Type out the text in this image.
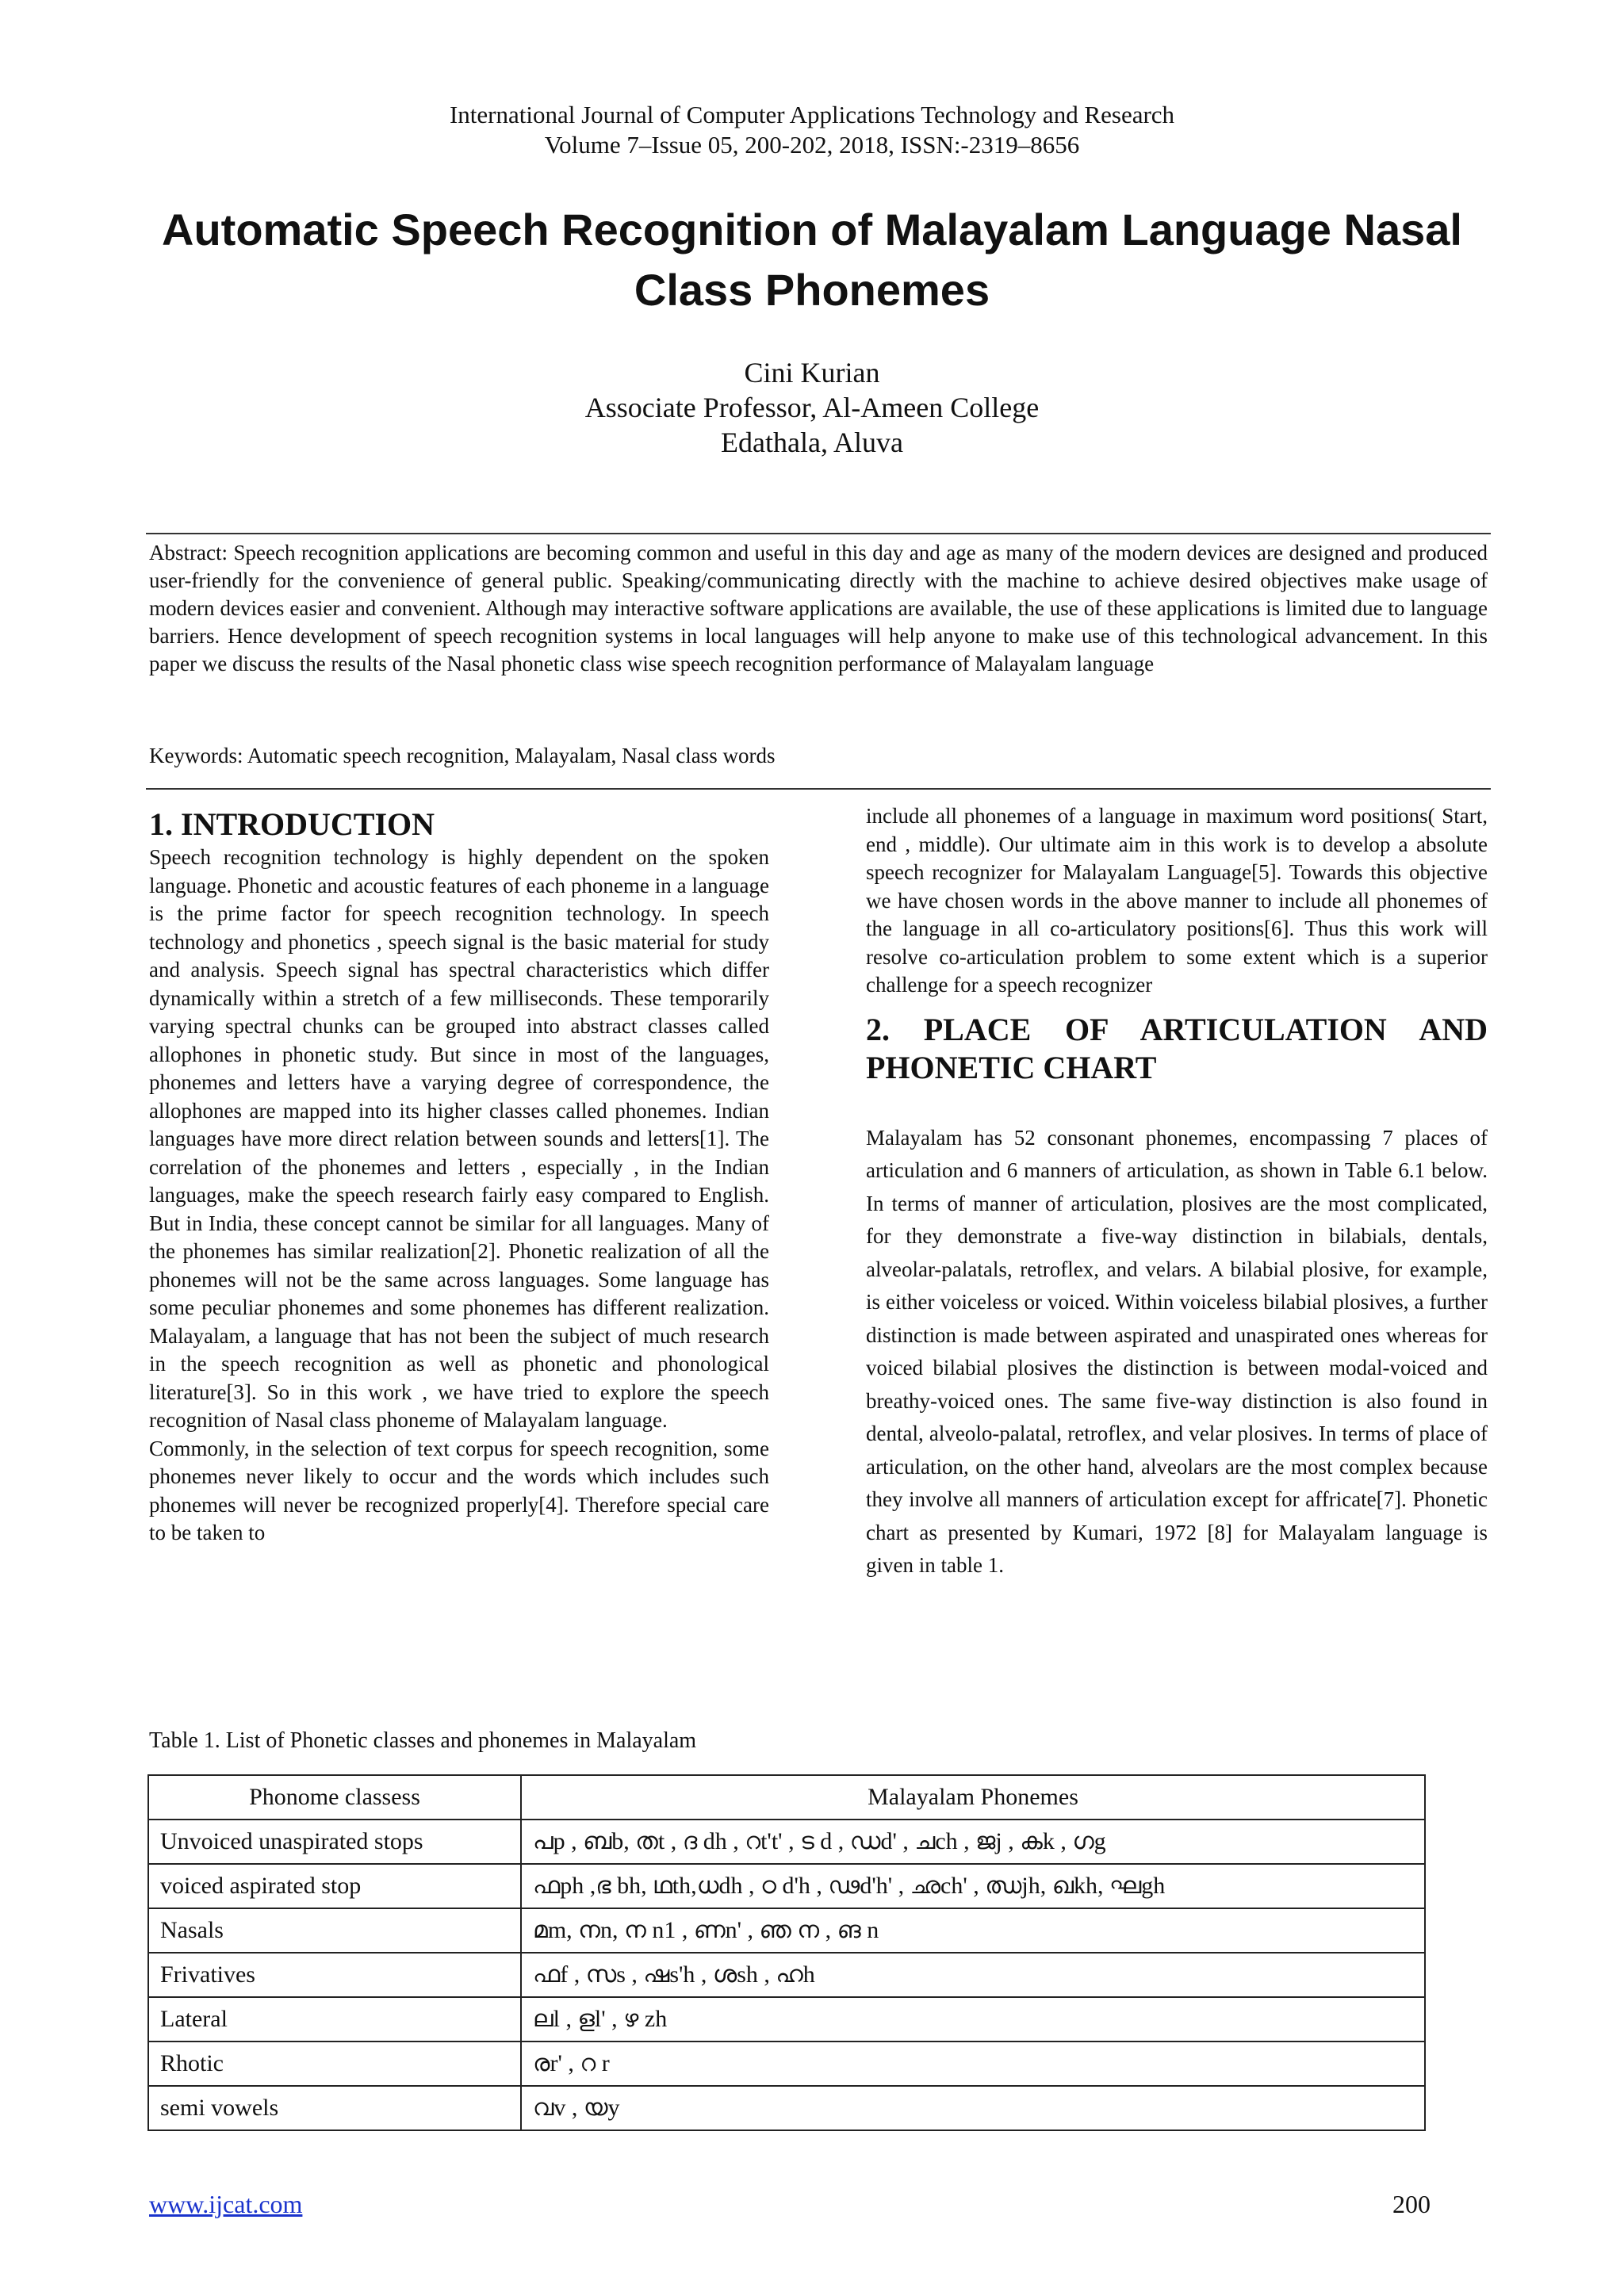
International Journal of Computer Applications Technology and Research
Volume 7–Issue 05, 200-202, 2018, ISSN:-2319–8656
Automatic Speech Recognition of Malayalam Language Nasal Class Phonemes
Cini Kurian
Associate Professor, Al-Ameen College
Edathala, Aluva
Abstract: Speech recognition applications are becoming common and useful in this day and age as many of the modern devices are designed and produced user-friendly for the convenience of general public. Speaking/communicating directly with the machine to achieve desired objectives make usage of modern devices easier and convenient. Although may interactive software applications are available, the use of these applications is limited due to language barriers. Hence development of speech recognition systems in local languages will help anyone to make use of this technological advancement. In this paper we discuss the results of the Nasal phonetic class wise speech recognition performance of Malayalam language
Keywords: Automatic speech recognition, Malayalam, Nasal class words

1. INTRODUCTION

Speech recognition technology is highly dependent on the spoken language. Phonetic and acoustic features of each phoneme in a language is the prime factor for speech recognition technology. In speech technology and phonetics , speech signal is the basic material for study and analysis. Speech signal has spectral characteristics which differ dynamically within a stretch of a few milliseconds. These temporarily varying spectral chunks can be grouped into abstract classes called allophones in phonetic study. But since in most of the languages, phonemes and letters have a varying degree of correspondence, the allophones are mapped into its higher classes called phonemes. Indian languages have more direct relation between sounds and letters[1]. The correlation of the phonemes and letters , especially , in the Indian languages, make the speech research fairly easy compared to English. But in India, these concept cannot be similar for all languages. Many of the phonemes has similar realization[2]. Phonetic realization of all the phonemes will not be the same across languages. Some language has some peculiar phonemes and some phonemes has different realization. Malayalam, a language that has not been the subject of much research in the speech recognition as well as phonetic and phonological literature[3]. So in this work , we have tried to explore the speech recognition of Nasal class phoneme of Malayalam language.

Commonly, in the selection of text corpus for speech recognition, some phonemes never likely to occur and the words which includes such phonemes will never be recognized properly[4]. Therefore special care to be taken to

include all phonemes of a language in maximum word positions( Start, end , middle). Our ultimate aim in this work is to develop a absolute speech recognizer for Malayalam Language[5]. Towards this objective we have chosen words in the above manner to include all phonemes of the language in all co-articulatory positions[6]. Thus this work will resolve co-articulation problem to some extent which is a superior challenge for a speech recognizer

2. PLACE OF ARTICULATION AND PHONETIC CHART

Malayalam has 52 consonant phonemes, encompassing 7 places of articulation and 6 manners of articulation, as shown in Table 6.1 below. In terms of manner of articulation, plosives are the most complicated, for they demonstrate a five-way distinction in bilabials, dentals, alveolar-palatals, retroflex, and velars. A bilabial plosive, for example, is either voiceless or voiced. Within voiceless bilabial plosives, a further distinction is made between aspirated and unaspirated ones whereas for voiced bilabial plosives the distinction is between modal-voiced and breathy-voiced ones. The same five-way distinction is also found in dental, alveolo-palatal, retroflex, and velar plosives. In terms of place of articulation, on the other hand, alveolars are the most complex because they involve all manners of articulation except for affricate[7]. Phonetic chart as presented by Kumari, 1972 [8] for Malayalam language is given in table 1.

Table 1. List of Phonetic classes and phonemes in Malayalam
Phonome classess	Malayalam Phonemes
Unvoiced unaspirated stops	പp , ബb, തt , ദ dh , റt't' , ട d , ഡd' , ചch , ജj , കk , ഗg
voiced aspirated stop	ഫph ,ഭ bh, ഥth,ധdh , ഠ d'h , ഢd'h' , ഛch' , ഝjh, ഖkh, ഘgh
Nasals	മm, നn, ന n1 , ണn' , ഞ ന , ങ n
Frivatives	ഫf , സs , ഷs'h , ശsh , ഹh
Lateral	ലl , ളl' , ഴ zh
Rhotic	രr' , റ r
semi vowels	വv , യy
www.ijcat.com	200
